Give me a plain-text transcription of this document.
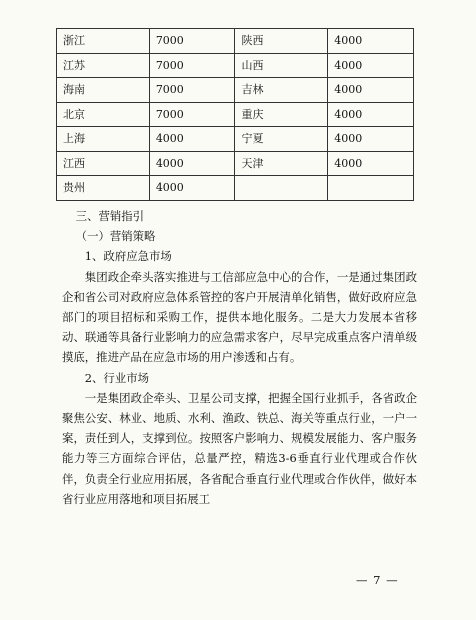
浙江	7000	陕西	4000
江苏	7000	山西	4000
海南	7000	吉林	4000
北京	7000	重庆	4000
上海	4000	宁夏	4000
江西	4000	天津	4000
贵州	4000		

三、营销指引

（一）营销策略

1、政府应急市场

集团政企牵头落实推进与工信部应急中心的合作，一是通过集团政企和省公司对政府应急体系管控的客户开展清单化销售，做好政府应急部门的项目招标和采购工作，提供本地化服务。二是大力发展本省移动、联通等具备行业影响力的应急需求客户，尽早完成重点客户清单级摸底，推进产品在应急市场的用户渗透和占有。

2、行业市场

一是集团政企牵头、卫星公司支撑，把握全国行业抓手，各省政企聚焦公安、林业、地质、水利、渔政、铁总、海关等重点行业，一户一案，责任到人，支撑到位。按照客户影响力、规模发展能力、客户服务能力等三方面综合评估，总量严控，精选3-6垂直行业代理或合作伙伴，负责全行业应用拓展，各省配合垂直行业代理或合作伙伴，做好本省行业应用落地和项目拓展工

— 7 —
